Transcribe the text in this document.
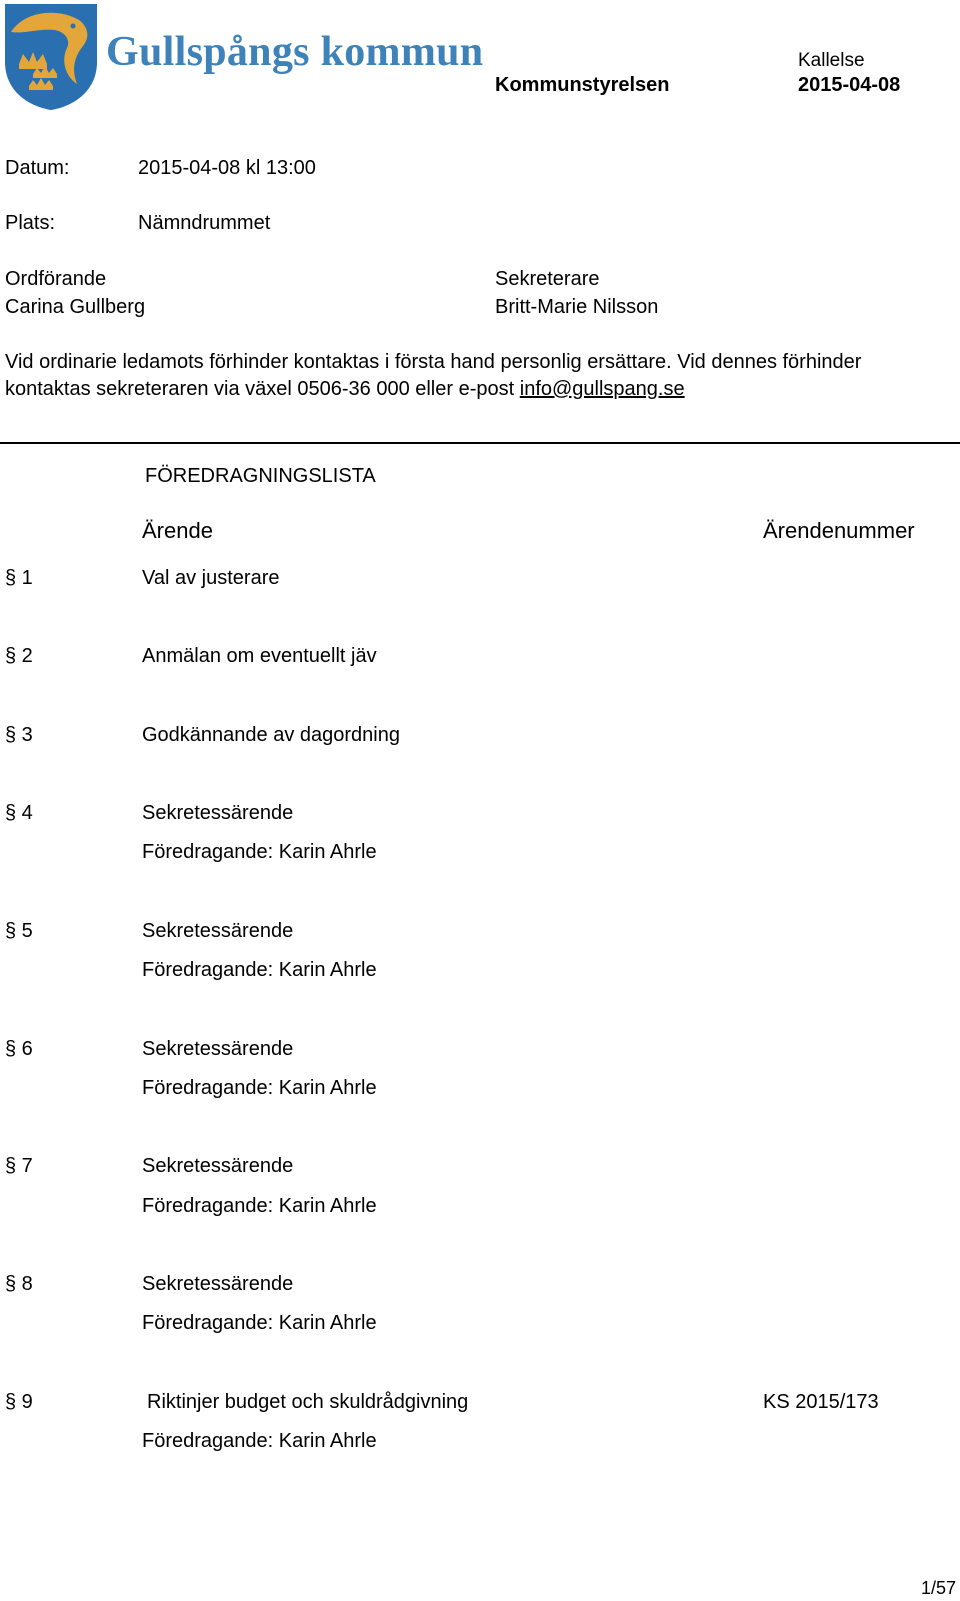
Gullspångs kommun
Kommunstyrelsen
Kallelse
2015-04-08
Datum:	2015-04-08 kl 13:00
Plats:	Nämndrummet
Ordförande
Carina Gullberg
Sekreterare
Britt-Marie Nilsson
Vid ordinarie ledamots förhinder kontaktas i första hand personlig ersättare. Vid dennes förhinder
kontaktas sekreteraren via växel 0506-36 000 eller e-post info@gullspang.se
FÖREDRAGNINGSLISTA
Ärende	Ärendenummer
§ 1	Val av justerare
§ 2	Anmälan om eventuellt jäv
§ 3	Godkännande av dagordning
§ 4	Sekretessärende
Föredragande: Karin Ahrle
§ 5	Sekretessärende
Föredragande: Karin Ahrle
§ 6	Sekretessärende
Föredragande: Karin Ahrle
§ 7	Sekretessärende
Föredragande: Karin Ahrle
§ 8	Sekretessärende
Föredragande: Karin Ahrle
§ 9	Riktinjer budget och skuldrådgivning	KS 2015/173
Föredragande: Karin Ahrle
1/57
